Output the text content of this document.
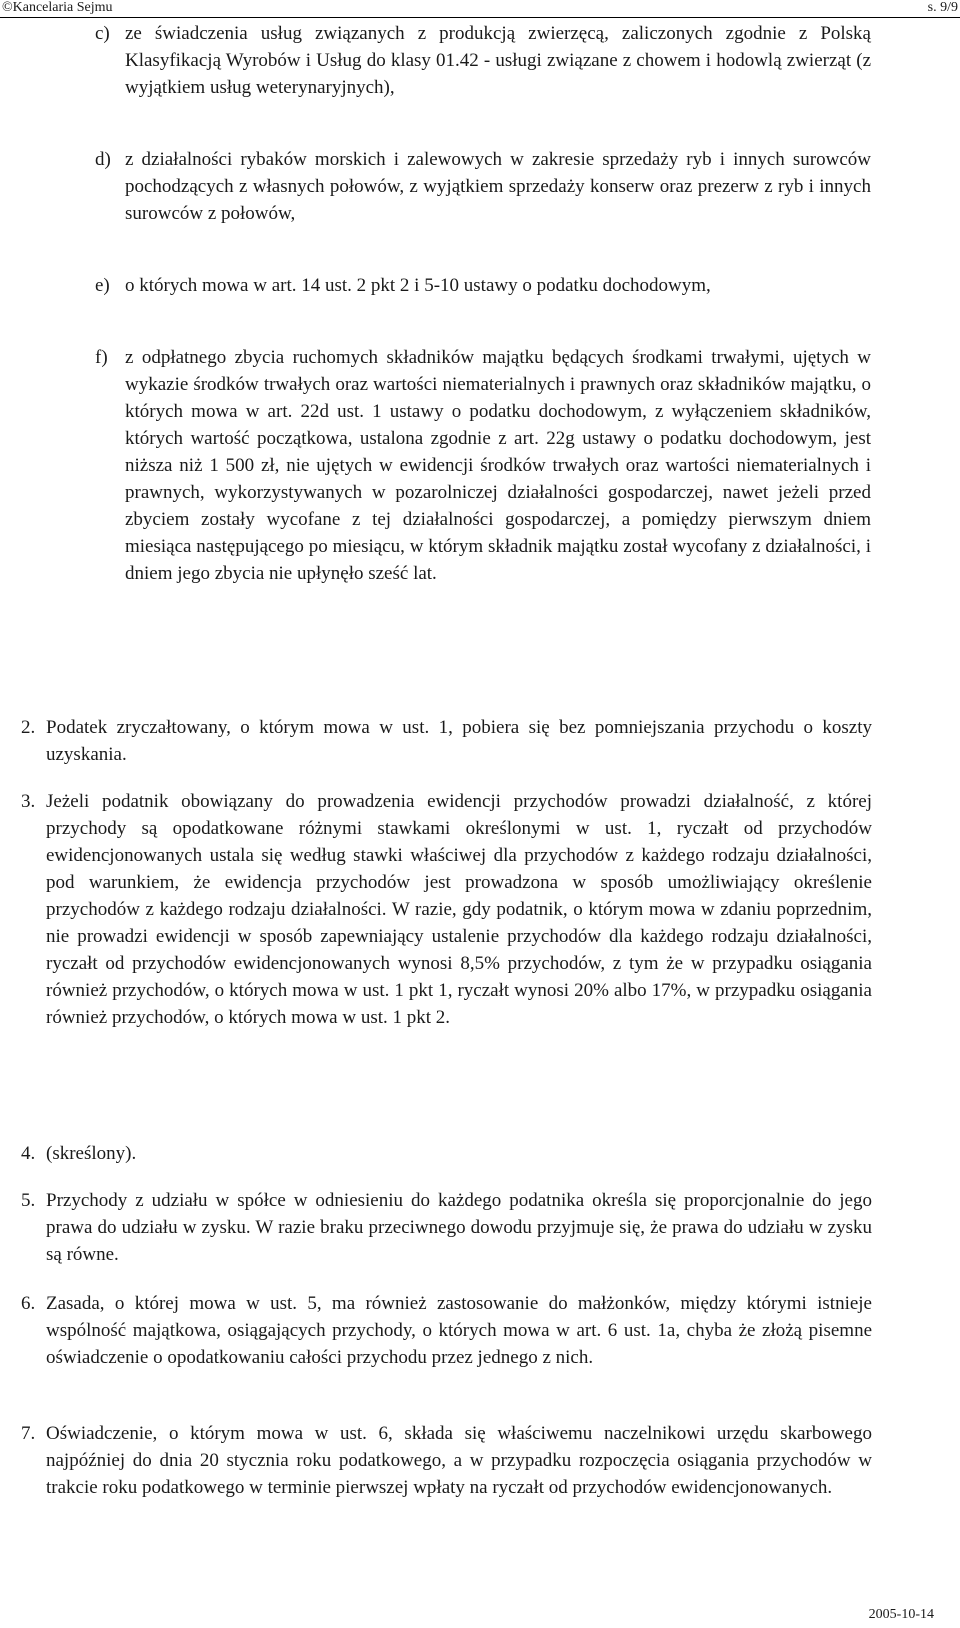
©Kancelaria Sejmu	s. 9/9
c) ze świadczenia usług związanych z produkcją zwierzęcą, zaliczonych zgodnie z Polską Klasyfikacją Wyrobów i Usług do klasy 01.42 - usługi związane z chowem i hodowlą zwierząt (z wyjątkiem usług weterynaryjnych),
d) z działalności rybaków morskich i zalewowych w zakresie sprzedaży ryb i innych surowców pochodzących z własnych połowów, z wyjątkiem sprzedaży konserw oraz prezerw z ryb i innych surowców z połowów,
e) o których mowa w art. 14 ust. 2 pkt 2 i 5-10 ustawy o podatku dochodowym,
f) z odpłatnego zbycia ruchomych składników majątku będących środkami trwałymi, ujętych w wykazie środków trwałych oraz wartości niematerialnych i prawnych oraz składników majątku, o których mowa w art. 22d ust. 1 ustawy o podatku dochodowym, z wyłączeniem składników, których wartość początkowa, ustalona zgodnie z art. 22g ustawy o podatku dochodowym, jest niższa niż 1 500 zł, nie ujętych w ewidencji środków trwałych oraz wartości niematerialnych i prawnych, wykorzystywanych w pozarolniczej działalności gospodarczej, nawet jeżeli przed zbyciem zostały wycofane z tej działalności gospodarczej, a pomiędzy pierwszym dniem miesiąca następującego po miesiącu, w którym składnik majątku został wycofany z działalności, i dniem jego zbycia nie upłynęło sześć lat.
2. Podatek zryczałtowany, o którym mowa w ust. 1, pobiera się bez pomniejszania przychodu o koszty uzyskania.
3. Jeżeli podatnik obowiązany do prowadzenia ewidencji przychodów prowadzi działalność, z której przychody są opodatkowane różnymi stawkami określonymi w ust. 1, ryczałt od przychodów ewidencjonowanych ustala się według stawki właściwej dla przychodów z każdego rodzaju działalności, pod warunkiem, że ewidencja przychodów jest prowadzona w sposób umożliwiający określenie przychodów z każdego rodzaju działalności. W razie, gdy podatnik, o którym mowa w zdaniu poprzednim, nie prowadzi ewidencji w sposób zapewniający ustalenie przychodów dla każdego rodzaju działalności, ryczałt od przychodów ewidencjonowanych wynosi 8,5% przychodów, z tym że w przypadku osiągania również przychodów, o których mowa w ust. 1 pkt 1, ryczałt wynosi 20% albo 17%, w przypadku osiągania również przychodów, o których mowa w ust. 1 pkt 2.
4. (skreślony).
5. Przychody z udziału w spółce w odniesieniu do każdego podatnika określa się proporcjonalnie do jego prawa do udziału w zysku. W razie braku przeciwnego dowodu przyjmuje się, że prawa do udziału w zysku są równe.
6. Zasada, o której mowa w ust. 5, ma również zastosowanie do małżonków, między którymi istnieje wspólność majątkowa, osiągających przychody, o których mowa w art. 6 ust. 1a, chyba że złożą pisemne oświadczenie o opodatkowaniu całości przychodu przez jednego z nich.
7. Oświadczenie, o którym mowa w ust. 6, składa się właściwemu naczelnikowi urzędu skarbowego najpóźniej do dnia 20 stycznia roku podatkowego, a w przypadku rozpoczęcia osiągania przychodów w trakcie roku podatkowego w terminie pierwszej wpłaty na ryczałt od przychodów ewidencjonowanych.
2005-10-14
